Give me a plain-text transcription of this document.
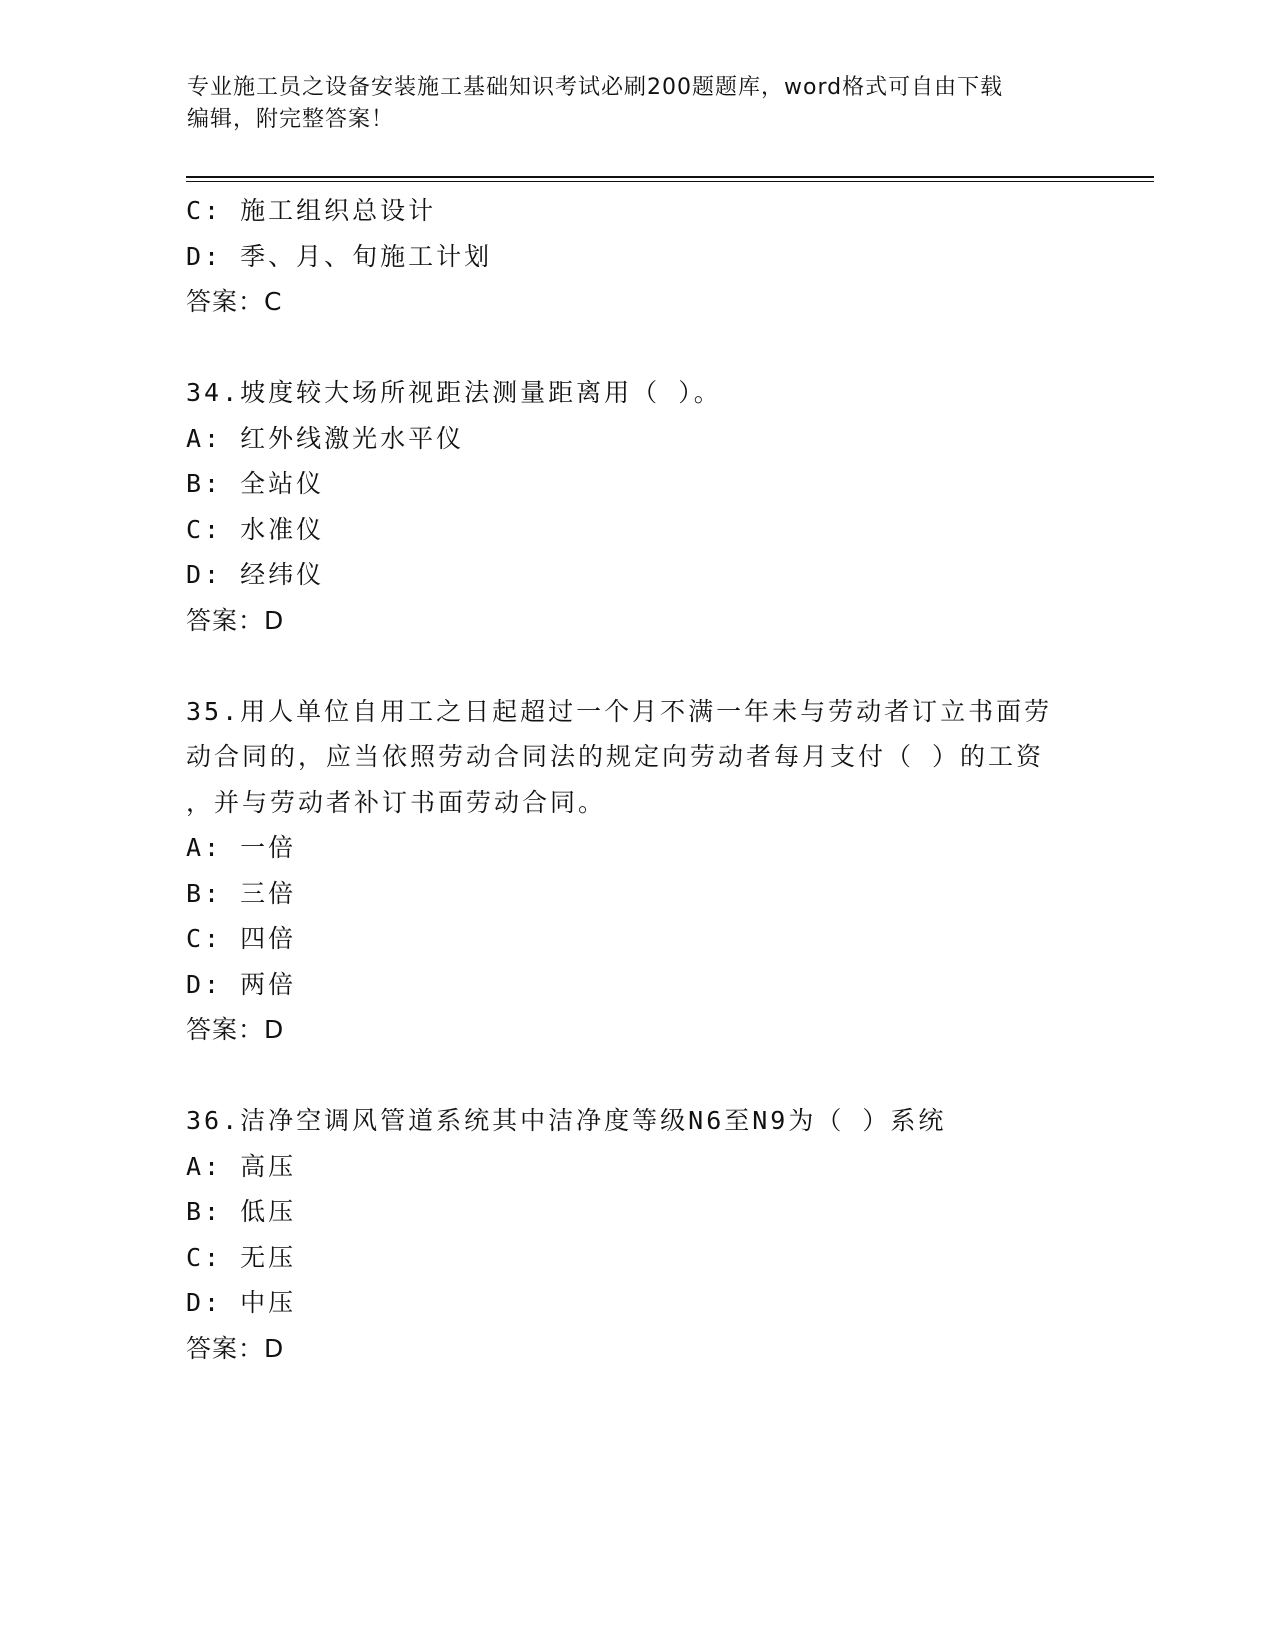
专业施工员之设备安装施工基础知识考试必刷200题题库，word格式可自由下载
编辑，附完整答案！
C: 施工组织总设计
D: 季、月、旬施工计划
答案：C
34.坡度较大场所视距法测量距离用（ ）。
A: 红外线激光水平仪
B: 全站仪
C: 水准仪
D: 经纬仪
答案：D
35.用人单位自用工之日起超过一个月不满一年未与劳动者订立书面劳
动合同的，应当依照劳动合同法的规定向劳动者每月支付（ ）的工资
，并与劳动者补订书面劳动合同。
A: 一倍
B: 三倍
C: 四倍
D: 两倍
答案：D
36.洁净空调风管道系统其中洁净度等级N6至N9为（ ）系统
A: 高压
B: 低压
C: 无压
D: 中压
答案：D
